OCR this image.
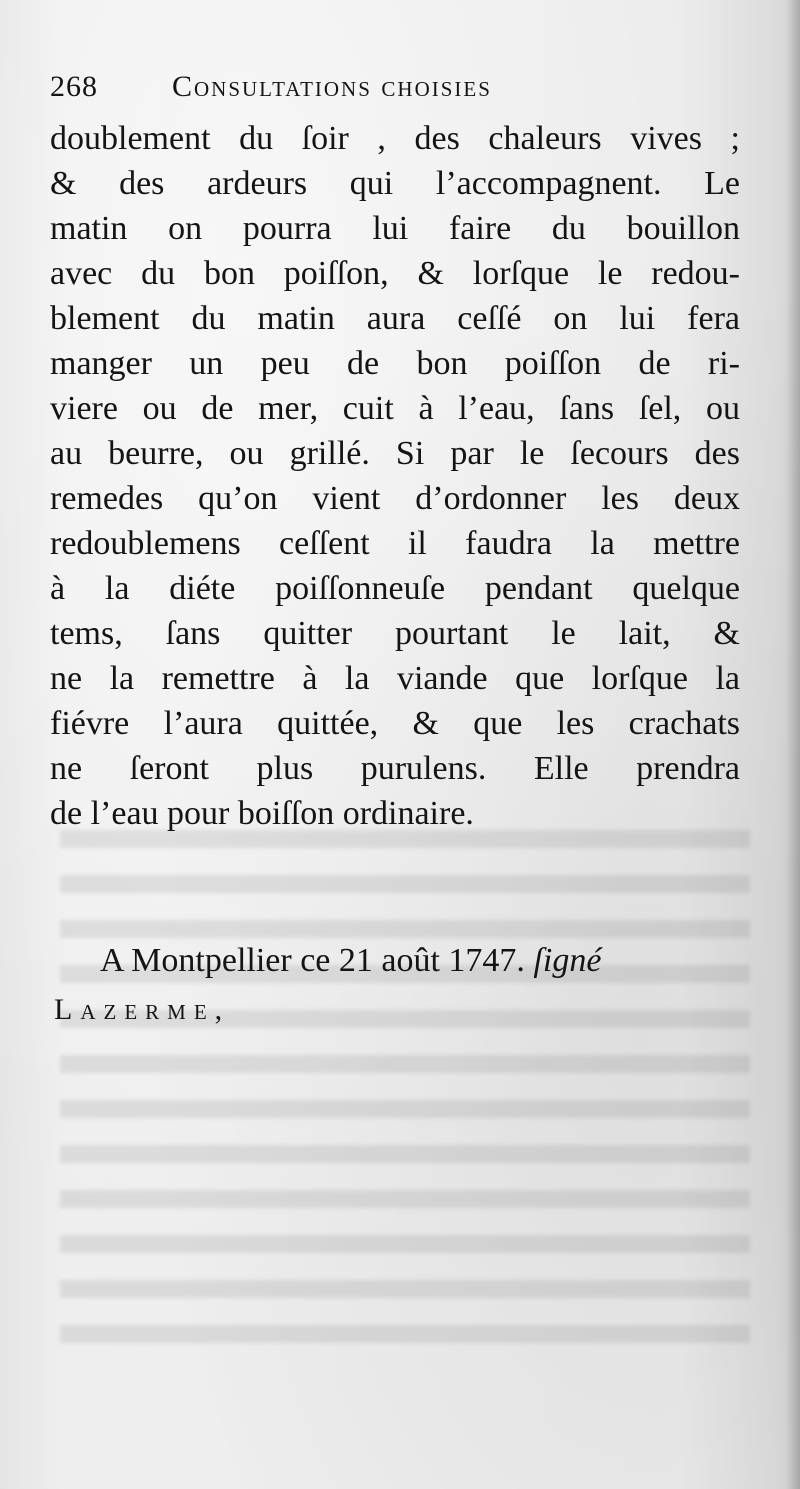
268 Consultations choisies
doublement du ſoir , des chaleurs vives ;
& des ardeurs qui l’accompagnent. Le
matin on pourra lui faire du bouillon
avec du bon poiſſon, & lorſque le redou-
blement du matin aura ceſſé on lui fera
manger un peu de bon poiſſon de ri-
viere ou de mer, cuit à l’eau, ſans ſel, ou
au beurre, ou grillé. Si par le ſecours des
remedes qu’on vient d’ordonner les deux
redoublemens ceſſent il faudra la mettre
à la diéte poiſſonneuſe pendant quelque
tems, ſans quitter pourtant le lait, &
ne la remettre à la viande que lorſque la
fiévre l’aura quittée, & que les crachats
ne ſeront plus purulens. Elle prendra
de l’eau pour boiſſon ordinaire.
A Montpellier ce 21 août 1747. ſigné
Lazerme,
